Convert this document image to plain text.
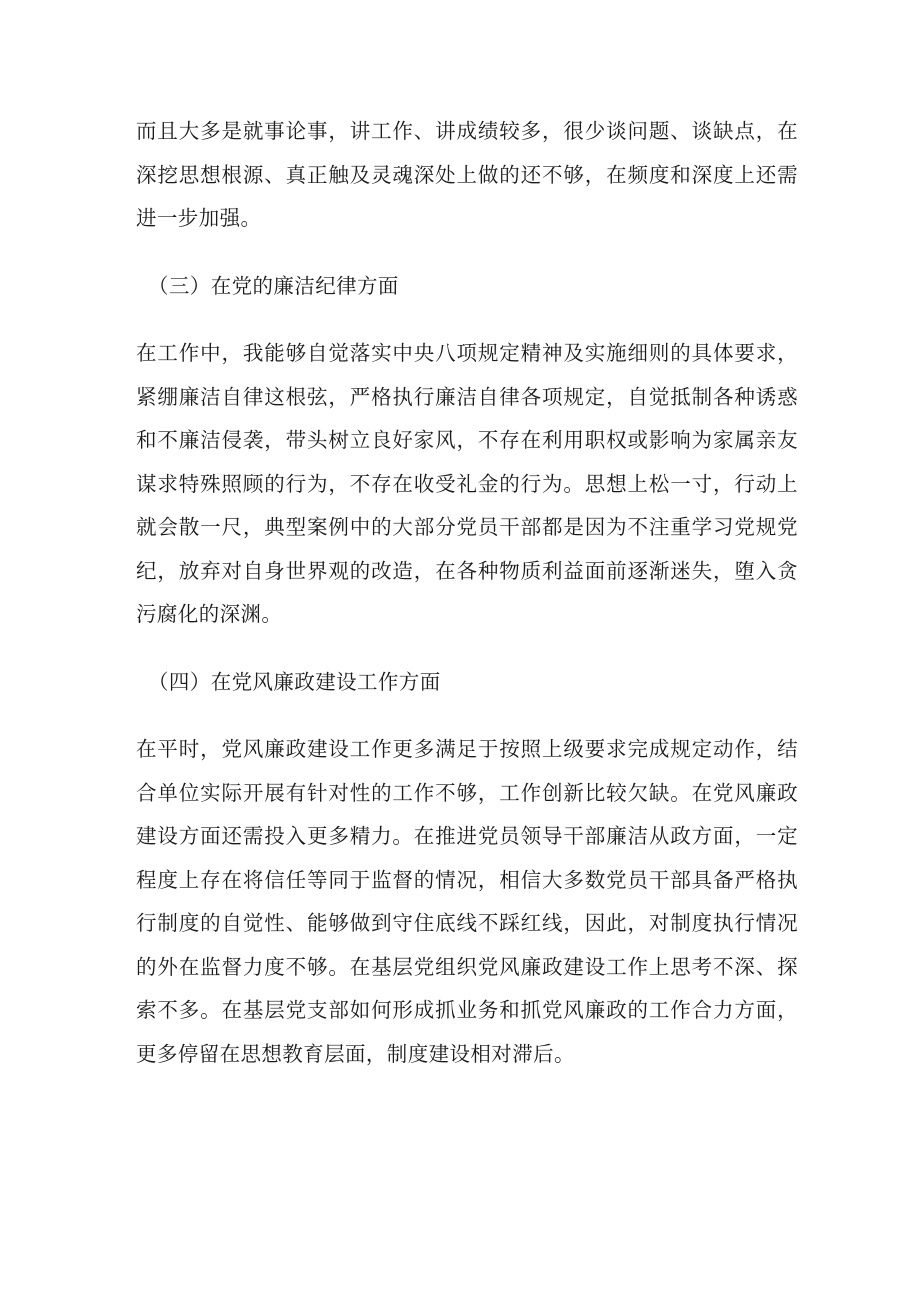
而且大多是就事论事，讲工作、讲成绩较多，很少谈问题、谈缺点，在深挖思想根源、真正触及灵魂深处上做的还不够，在频度和深度上还需进一步加强。

（三）在党的廉洁纪律方面

在工作中，我能够自觉落实中央八项规定精神及实施细则的具体要求，紧绷廉洁自律这根弦，严格执行廉洁自律各项规定，自觉抵制各种诱惑和不廉洁侵袭，带头树立良好家风，不存在利用职权或影响为家属亲友谋求特殊照顾的行为，不存在收受礼金的行为。思想上松一寸，行动上就会散一尺，典型案例中的大部分党员干部都是因为不注重学习党规党纪，放弃对自身世界观的改造，在各种物质利益面前逐渐迷失，堕入贪污腐化的深渊。

（四）在党风廉政建设工作方面

在平时，党风廉政建设工作更多满足于按照上级要求完成规定动作，结合单位实际开展有针对性的工作不够，工作创新比较欠缺。在党风廉政建设方面还需投入更多精力。在推进党员领导干部廉洁从政方面，一定程度上存在将信任等同于监督的情况，相信大多数党员干部具备严格执行制度的自觉性、能够做到守住底线不踩红线，因此，对制度执行情况的外在监督力度不够。在基层党组织党风廉政建设工作上思考不深、探索不多。在基层党支部如何形成抓业务和抓党风廉政的工作合力方面，更多停留在思想教育层面，制度建设相对滞后。
